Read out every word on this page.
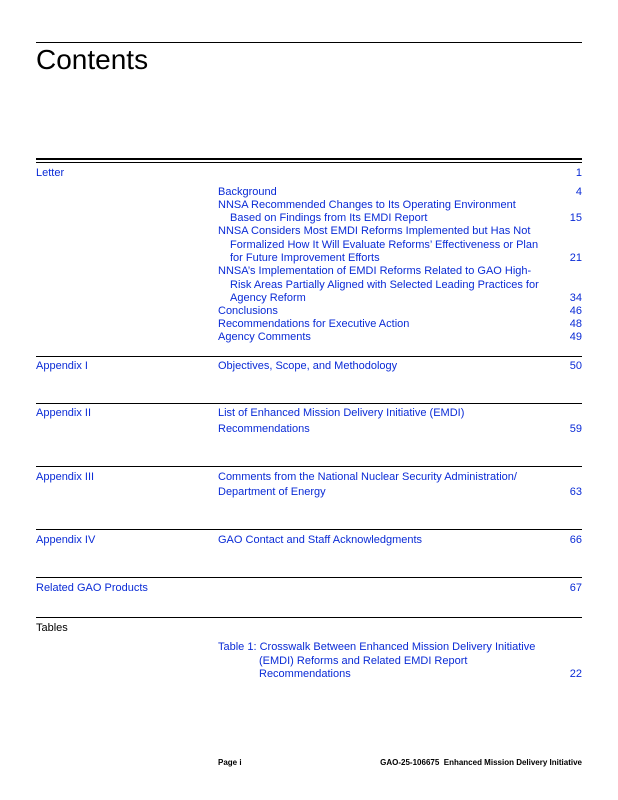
Contents
Letter	1
Background	4
NNSA Recommended Changes to Its Operating Environment
Based on Findings from Its EMDI Report	15
NNSA Considers Most EMDI Reforms Implemented but Has Not
Formalized How It Will Evaluate Reforms’ Effectiveness or Plan
for Future Improvement Efforts	21
NNSA’s Implementation of EMDI Reforms Related to GAO High-
Risk Areas Partially Aligned with Selected Leading Practices for
Agency Reform	34
Conclusions	46
Recommendations for Executive Action	48
Agency Comments	49
Appendix I	Objectives, Scope, and Methodology	50
Appendix II	List of Enhanced Mission Delivery Initiative (EMDI)
Recommendations	59
Appendix III	Comments from the National Nuclear Security Administration/
Department of Energy	63
Appendix IV	GAO Contact and Staff Acknowledgments	66
Related GAO Products	67
Tables
Table 1: Crosswalk Between Enhanced Mission Delivery Initiative
(EMDI) Reforms and Related EMDI Report
Recommendations	22
Page i	GAO-25-106675  Enhanced Mission Delivery Initiative
